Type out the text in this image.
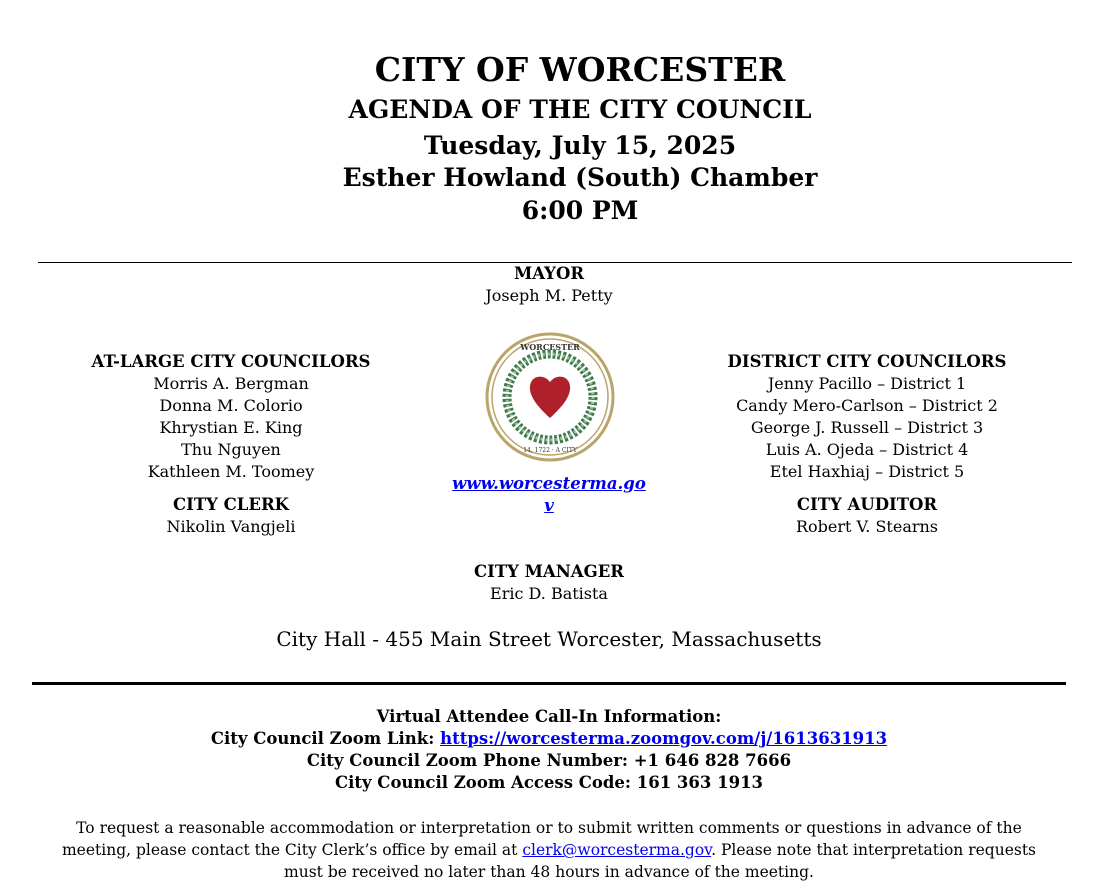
CITY OF WORCESTER
AGENDA OF THE CITY COUNCIL
Tuesday, July 15, 2025
Esther Howland (South) Chamber
6:00 PM
MAYOR
Joseph M. Petty
AT-LARGE CITY COUNCILORS
Morris A. Bergman
Donna M. Colorio
Khrystian E. King
Thu Nguyen
Kathleen M. Toomey
CITY CLERK
Nikolin Vangjeli
DISTRICT CITY COUNCILORS
Jenny Pacillo – District 1
Candy Mero-Carlson – District 2
George J. Russell – District 3
Luis A. Ojeda – District 4
Etel Haxhiaj – District 5
CITY AUDITOR
Robert V. Stearns
WORCESTER
14, 1722 · A CITY
www.worcesterma.go
v
CITY MANAGER
Eric D. Batista
City Hall - 455 Main Street Worcester, Massachusetts
Virtual Attendee Call-In Information:
City Council Zoom Link: https://worcesterma.zoomgov.com/j/1613631913
City Council Zoom Phone Number: +1 646 828 7666
City Council Zoom Access Code: 161 363 1913
To request a reasonable accommodation or interpretation or to submit written comments or questions in advance of the
meeting, please contact the City Clerk’s office by email at clerk@worcesterma.gov. Please note that interpretation requests
must be received no later than 48 hours in advance of the meeting.
